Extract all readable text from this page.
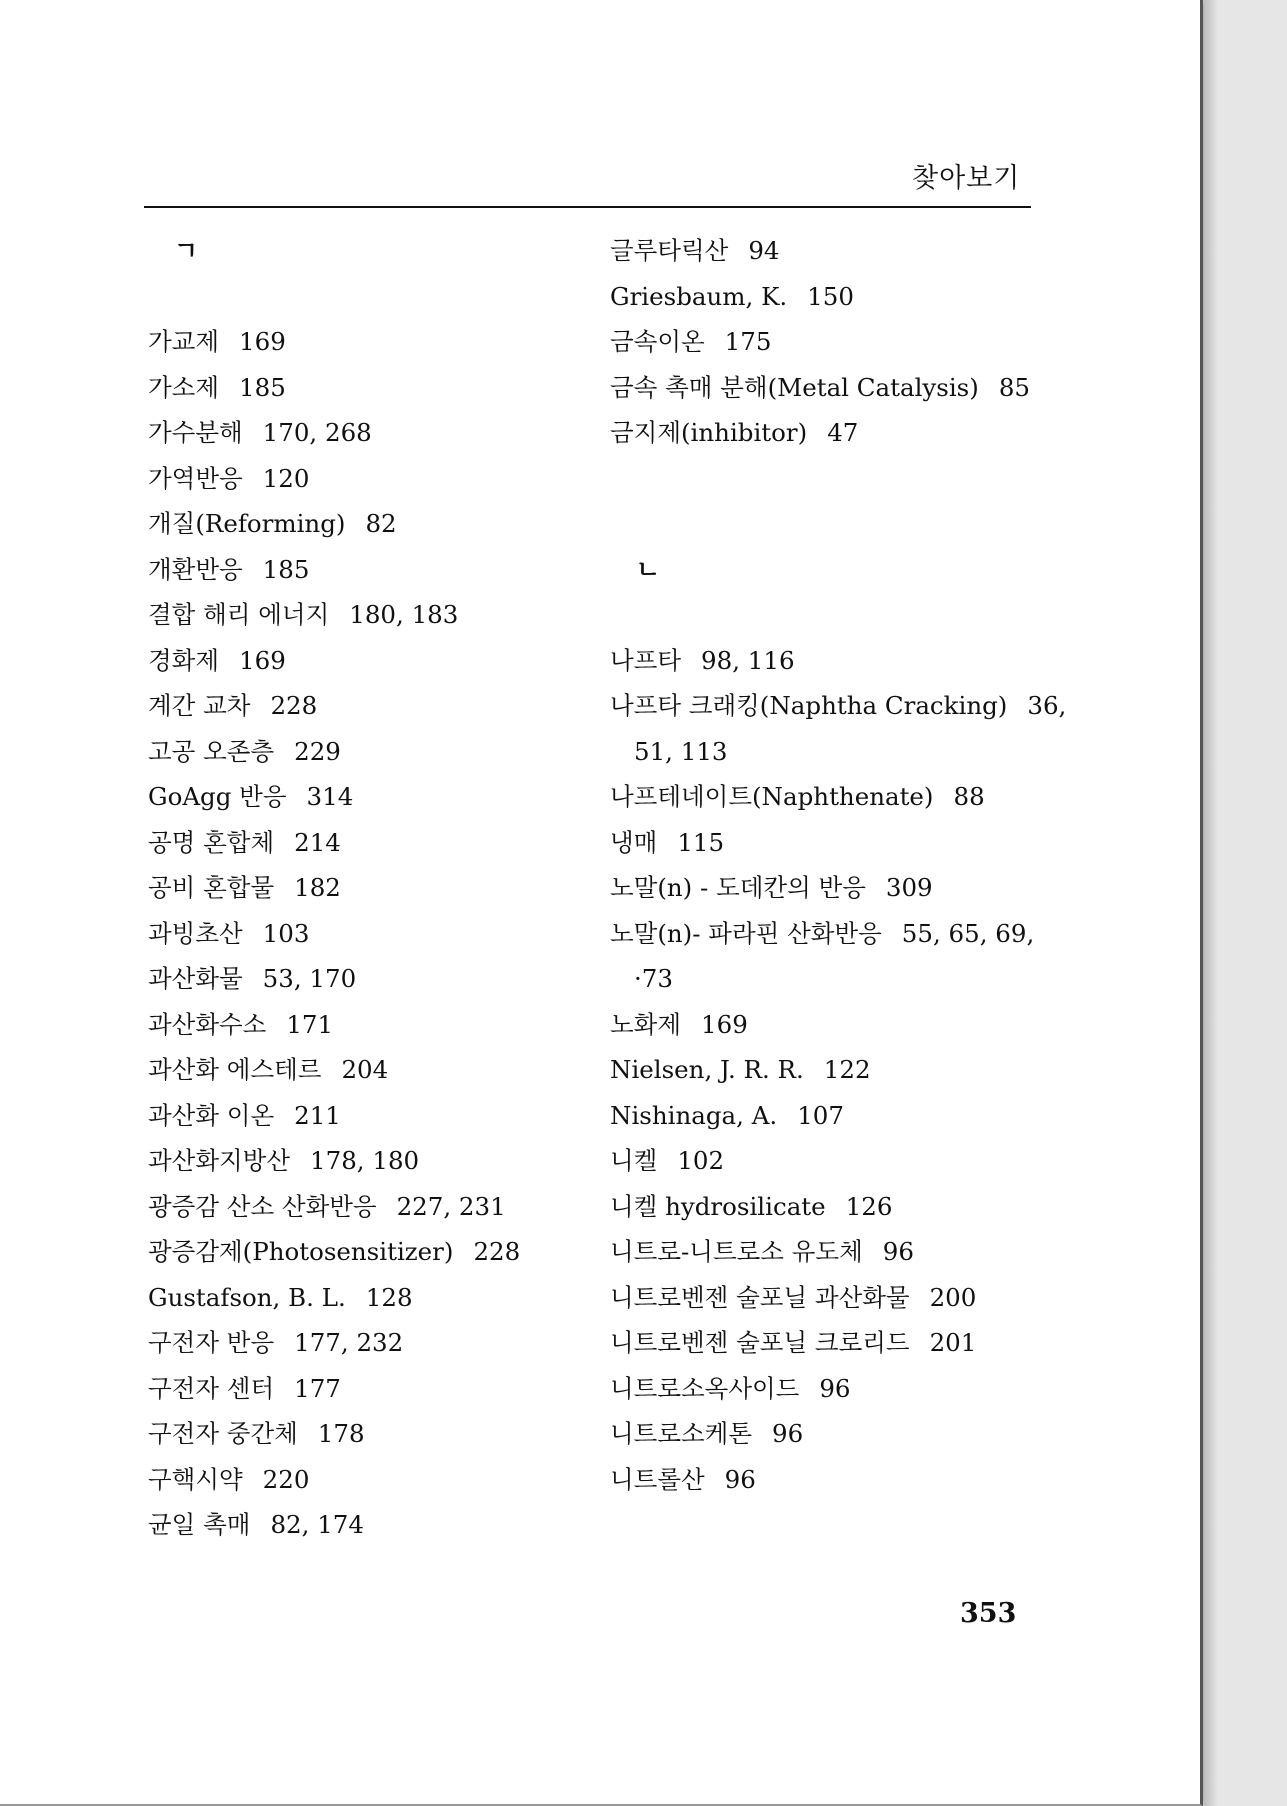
찾아보기
ㄱ
가교제 169
가소제 185
가수분해 170, 268
가역반응 120
개질(Reforming) 82
개환반응 185
결합 해리 에너지 180, 183
경화제 169
계간 교차 228
고공 오존층 229
GoAgg 반응 314
공명 혼합체 214
공비 혼합물 182
과빙초산 103
과산화물 53, 170
과산화수소 171
과산화 에스테르 204
과산화 이온 211
과산화지방산 178, 180
광증감 산소 산화반응 227, 231
광증감제(Photosensitizer) 228
Gustafson, B. L. 128
구전자 반응 177, 232
구전자 센터 177
구전자 중간체 178
구핵시약 220
균일 촉매 82, 174
글루타릭산 94
Griesbaum, K. 150
금속이온 175
금속 촉매 분해(Metal Catalysis) 85
금지제(inhibitor) 47
ㄴ
나프타 98, 116
나프타 크래킹(Naphtha Cracking) 36,
51, 113
나프테네이트(Naphthenate) 88
냉매 115
노말(n) - 도데칸의 반응 309
노말(n)- 파라핀 산화반응 55, 65, 69,
·73
노화제 169
Nielsen, J. R. R. 122
Nishinaga, A. 107
니켈 102
니켈 hydrosilicate 126
니트로-니트로소 유도체 96
니트로벤젠 술포닐 과산화물 200
니트로벤젠 술포닐 크로리드 201
니트로소옥사이드 96
니트로소케톤 96
니트롤산 96
353
